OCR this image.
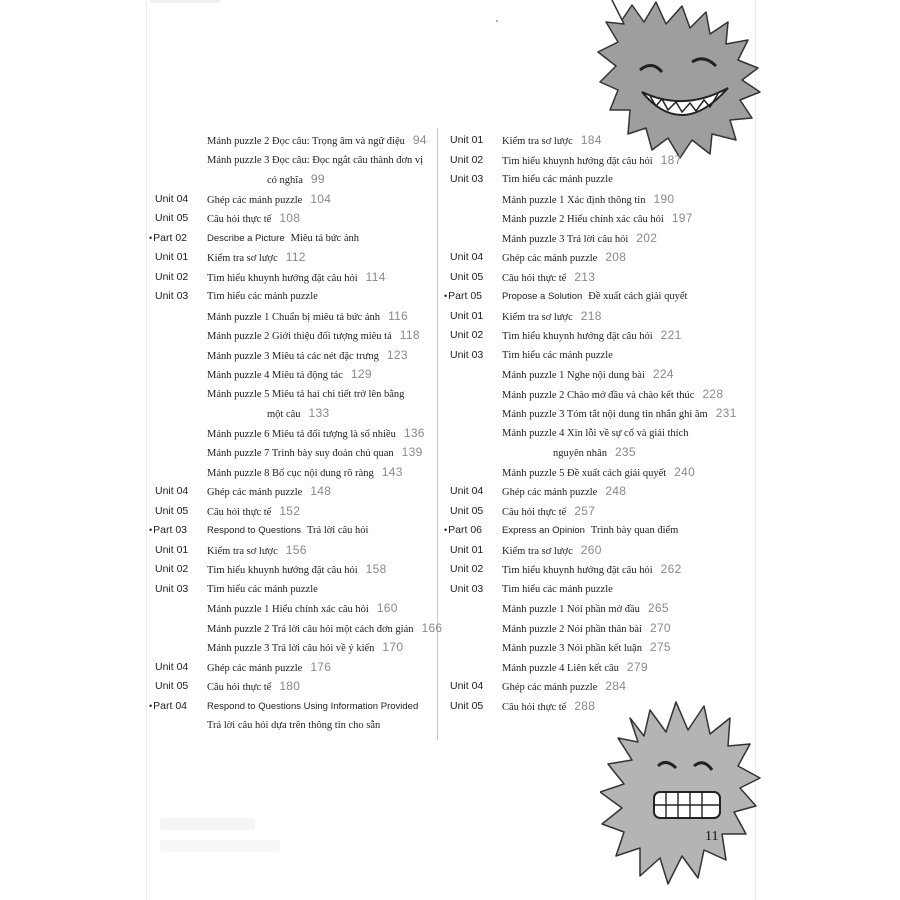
Mảnh puzzle 2 Đọc câu: Trọng âm và ngữ điệu 94
Mảnh puzzle 3 Đọc câu: Đọc ngắt câu thành đơn vị
có nghĩa 99
Unit 04 Ghép các mảnh puzzle 104
Unit 05 Câu hỏi thực tế 108
•Part 02 Describe a Picture Miêu tả bức ảnh
Unit 01 Kiểm tra sơ lược 112
Unit 02 Tìm hiểu khuynh hướng đặt câu hỏi 114
Unit 03 Tìm hiểu các mảnh puzzle
Mảnh puzzle 1 Chuẩn bị miêu tả bức ảnh 116
Mảnh puzzle 2 Giới thiệu đối tượng miêu tả 118
Mảnh puzzle 3 Miêu tả các nét đặc trưng 123
Mảnh puzzle 4 Miêu tả động tác 129
Mảnh puzzle 5 Miêu tả hai chi tiết trở lên bằng
một câu 133
Mảnh puzzle 6 Miêu tả đối tượng là số nhiều 136
Mảnh puzzle 7 Trình bày suy đoán chủ quan 139
Mảnh puzzle 8 Bố cục nội dung rõ ràng 143
Unit 04 Ghép các mảnh puzzle 148
Unit 05 Câu hỏi thực tế 152
•Part 03 Respond to Questions Trả lời câu hỏi
Unit 01 Kiểm tra sơ lược 156
Unit 02 Tìm hiểu khuynh hướng đặt câu hỏi 158
Unit 03 Tìm hiểu các mảnh puzzle
Mảnh puzzle 1 Hiểu chính xác câu hỏi 160
Mảnh puzzle 2 Trả lời câu hỏi một cách đơn giản 166
Mảnh puzzle 3 Trả lời câu hỏi về ý kiến 170
Unit 04 Ghép các mảnh puzzle 176
Unit 05 Câu hỏi thực tế 180
•Part 04 Respond to Questions Using Information Provided
Trả lời câu hỏi dựa trên thông tin cho sẵn
Unit 01 Kiểm tra sơ lược 184
Unit 02 Tìm hiểu khuynh hướng đặt câu hỏi 187
Unit 03 Tìm hiểu các mảnh puzzle
Mảnh puzzle 1 Xác định thông tin 190
Mảnh puzzle 2 Hiểu chính xác câu hỏi 197
Mảnh puzzle 3 Trả lời câu hỏi 202
Unit 04 Ghép các mảnh puzzle 208
Unit 05 Câu hỏi thực tế 213
•Part 05 Propose a Solution Đề xuất cách giải quyết
Unit 01 Kiểm tra sơ lược 218
Unit 02 Tìm hiểu khuynh hướng đặt câu hỏi 221
Unit 03 Tìm hiểu các mảnh puzzle
Mảnh puzzle 1 Nghe nội dung bài 224
Mảnh puzzle 2 Chào mở đầu và chào kết thúc 228
Mảnh puzzle 3 Tóm tắt nội dung tin nhắn ghi âm 231
Mảnh puzzle 4 Xin lỗi về sự cố và giải thích
nguyên nhân 235
Mảnh puzzle 5 Đề xuất cách giải quyết 240
Unit 04 Ghép các mảnh puzzle 248
Unit 05 Câu hỏi thực tế 257
•Part 06 Express an Opinion Trình bày quan điểm
Unit 01 Kiểm tra sơ lược 260
Unit 02 Tìm hiểu khuynh hướng đặt câu hỏi 262
Unit 03 Tìm hiểu các mảnh puzzle
Mảnh puzzle 1 Nói phần mở đầu 265
Mảnh puzzle 2 Nói phần thân bài 270
Mảnh puzzle 3 Nói phần kết luận 275
Mảnh puzzle 4 Liên kết câu 279
Unit 04 Ghép các mảnh puzzle 284
Unit 05 Câu hỏi thực tế 288
11
